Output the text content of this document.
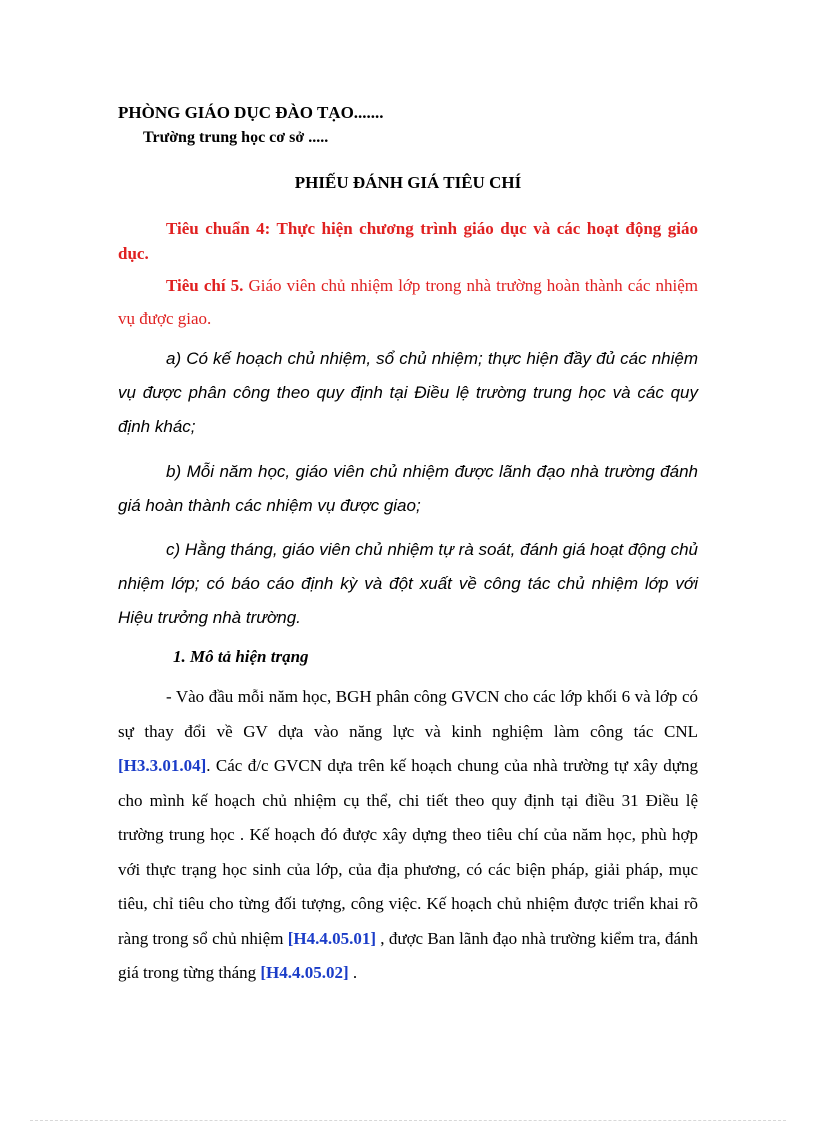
PHÒNG GIÁO DỤC ĐÀO TẠO.......
Trường trung học cơ sở .....
PHIẾU ĐÁNH GIÁ TIÊU CHÍ

Tiêu chuẩn 4: Thực hiện chương trình giáo dục và các hoạt động giáo dục.

Tiêu chí 5. Giáo viên chủ nhiệm lớp trong nhà trường hoàn thành các nhiệm vụ được giao.

a) Có kế hoạch chủ nhiệm, sổ chủ nhiệm; thực hiện đầy đủ các nhiệm vụ được phân công theo quy định tại Điều lệ trường trung học và các quy định khác;

b) Mỗi năm học, giáo viên chủ nhiệm được lãnh đạo nhà trường đánh giá hoàn thành các nhiệm vụ được giao;

c) Hằng tháng, giáo viên chủ nhiệm tự rà soát, đánh giá hoạt động chủ nhiệm lớp; có báo cáo định kỳ và đột xuất về công tác chủ nhiệm lớp với Hiệu trưởng nhà trường.

1. Mô tả hiện trạng

- Vào đầu mỗi năm học, BGH phân công GVCN cho các lớp khối 6 và lớp có sự thay đổi về GV dựa vào năng lực và kinh nghiệm làm công tác CNL [H3.3.01.04]. Các đ/c GVCN dựa trên kế hoạch chung của nhà trường tự xây dựng cho mình kế hoạch chủ nhiệm cụ thể, chi tiết theo quy định tại điều 31 Điều lệ trường trung học . Kế hoạch đó được xây dựng theo tiêu chí của năm học, phù hợp với thực trạng học sinh của lớp, của địa phương, có các biện pháp, giải pháp, mục tiêu, chỉ tiêu cho từng đối tượng, công việc. Kế hoạch chủ nhiệm được triển khai rõ ràng trong sổ chủ nhiệm [H4.4.05.01] , được Ban lãnh đạo nhà trường kiểm tra, đánh giá trong từng tháng [H4.4.05.02] .
